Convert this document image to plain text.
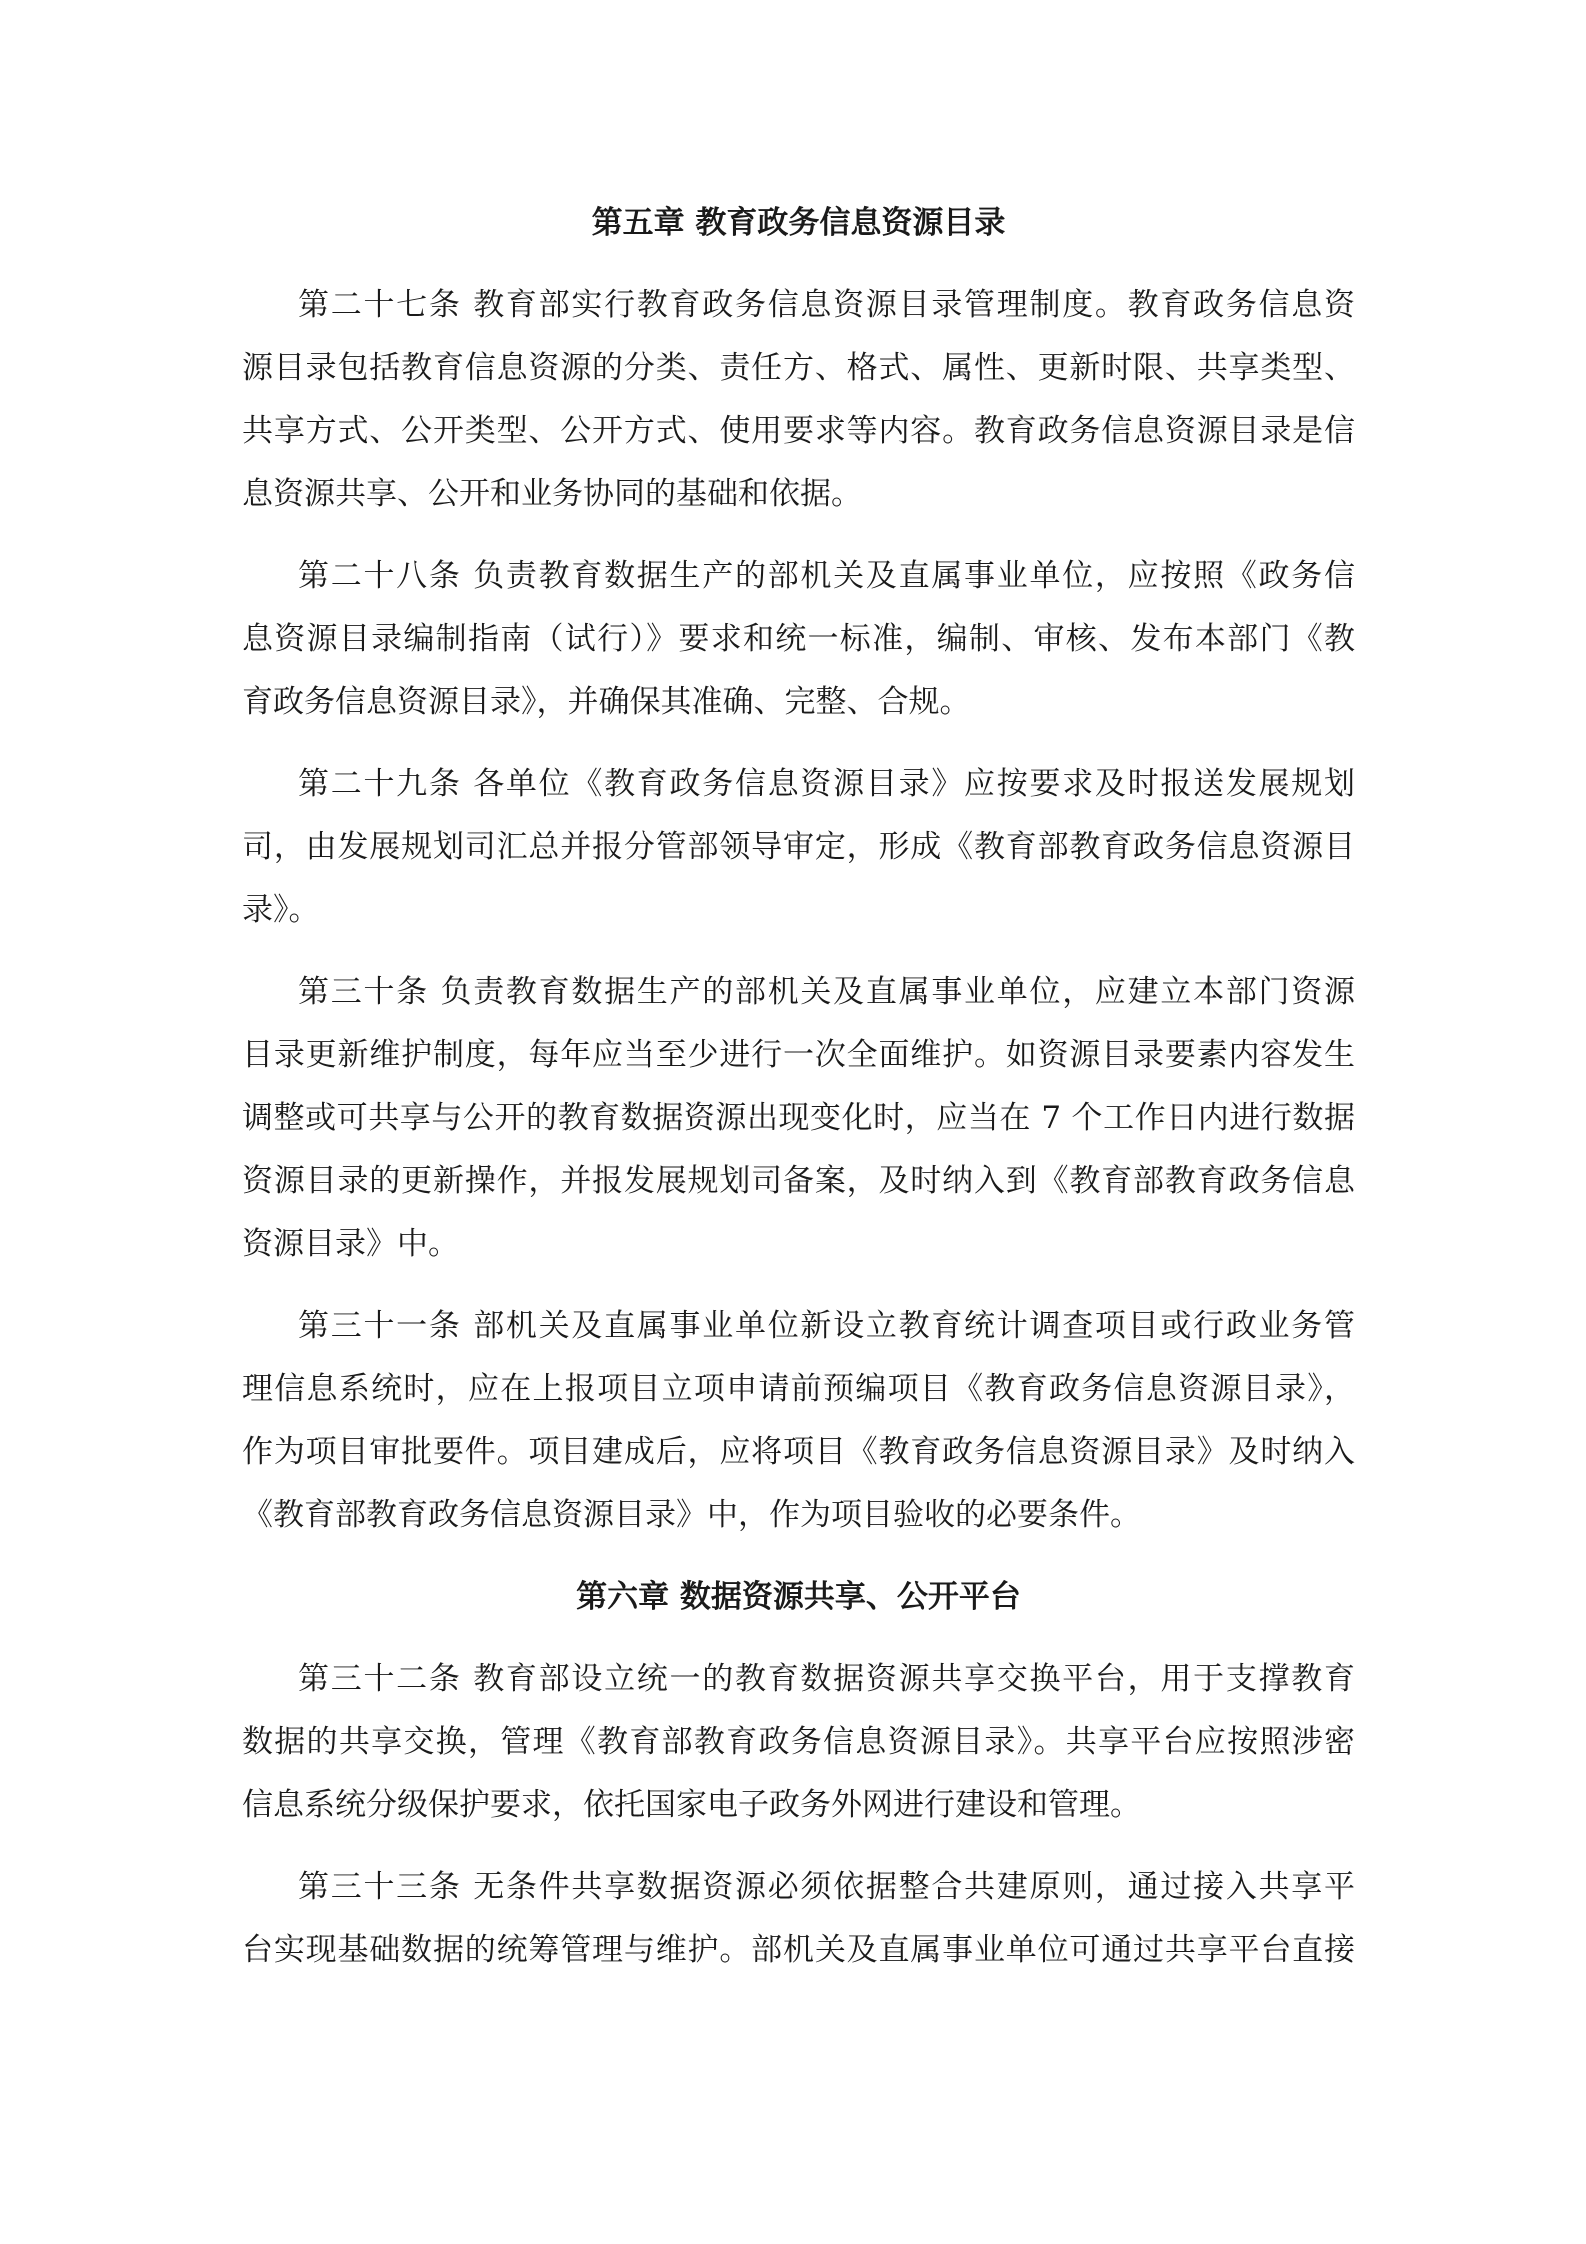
第五章 教育政务信息资源目录
第二十七条 教育部实行教育政务信息资源目录管理制度。教育政务信息资
源目录包括教育信息资源的分类、责任方、格式、属性、更新时限、共享类型、
共享方式、公开类型、公开方式、使用要求等内容。教育政务信息资源目录是信
息资源共享、公开和业务协同的基础和依据。
第二十八条 负责教育数据生产的部机关及直属事业单位，应按照《政务信
息资源目录编制指南（试行）》要求和统一标准，编制、审核、发布本部门《教
育政务信息资源目录》，并确保其准确、完整、合规。
第二十九条 各单位《教育政务信息资源目录》应按要求及时报送发展规划
司，由发展规划司汇总并报分管部领导审定，形成《教育部教育政务信息资源目
录》。
第三十条 负责教育数据生产的部机关及直属事业单位，应建立本部门资源
目录更新维护制度，每年应当至少进行一次全面维护。如资源目录要素内容发生
调整或可共享与公开的教育数据资源出现变化时，应当在 7 个工作日内进行数据
资源目录的更新操作，并报发展规划司备案，及时纳入到《教育部教育政务信息
资源目录》中。
第三十一条 部机关及直属事业单位新设立教育统计调查项目或行政业务管
理信息系统时，应在上报项目立项申请前预编项目《教育政务信息资源目录》，
作为项目审批要件。项目建成后，应将项目《教育政务信息资源目录》及时纳入
《教育部教育政务信息资源目录》中，作为项目验收的必要条件。
第六章 数据资源共享、公开平台
第三十二条 教育部设立统一的教育数据资源共享交换平台，用于支撑教育
数据的共享交换，管理《教育部教育政务信息资源目录》。共享平台应按照涉密
信息系统分级保护要求，依托国家电子政务外网进行建设和管理。
第三十三条 无条件共享数据资源必须依据整合共建原则，通过接入共享平
台实现基础数据的统筹管理与维护。部机关及直属事业单位可通过共享平台直接
